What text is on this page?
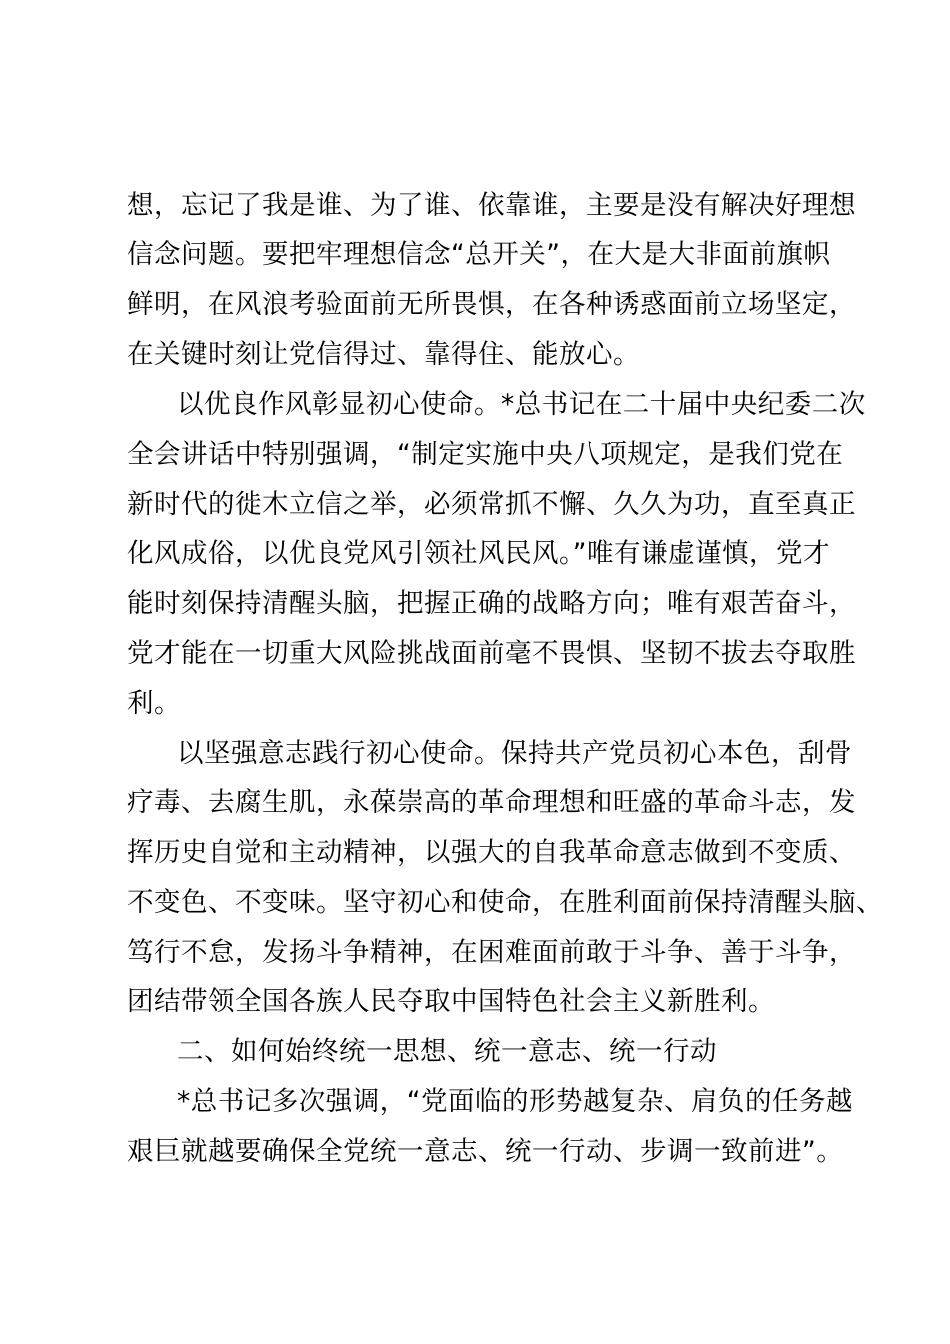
想，忘记了我是谁、为了谁、依靠谁，主要是没有解决好理想
信念问题。要把牢理想信念“总开关”，在大是大非面前旗帜
鲜明，在风浪考验面前无所畏惧，在各种诱惑面前立场坚定，
在关键时刻让党信得过、靠得住、能放心。
以优良作风彰显初心使命。*总书记在二十届中央纪委二次
全会讲话中特别强调，“制定实施中央八项规定，是我们党在
新时代的徙木立信之举，必须常抓不懈、久久为功，直至真正
化风成俗，以优良党风引领社风民风。”唯有谦虚谨慎，党才
能时刻保持清醒头脑，把握正确的战略方向；唯有艰苦奋斗，
党才能在一切重大风险挑战面前毫不畏惧、坚韧不拔去夺取胜
利。
以坚强意志践行初心使命。保持共产党员初心本色，刮骨
疗毒、去腐生肌，永葆崇高的革命理想和旺盛的革命斗志，发
挥历史自觉和主动精神，以强大的自我革命意志做到不变质、
不变色、不变味。坚守初心和使命，在胜利面前保持清醒头脑、
笃行不怠，发扬斗争精神，在困难面前敢于斗争、善于斗争，
团结带领全国各族人民夺取中国特色社会主义新胜利。
二、如何始终统一思想、统一意志、统一行动
*总书记多次强调，“党面临的形势越复杂、肩负的任务越
艰巨就越要确保全党统一意志、统一行动、步调一致前进”。
